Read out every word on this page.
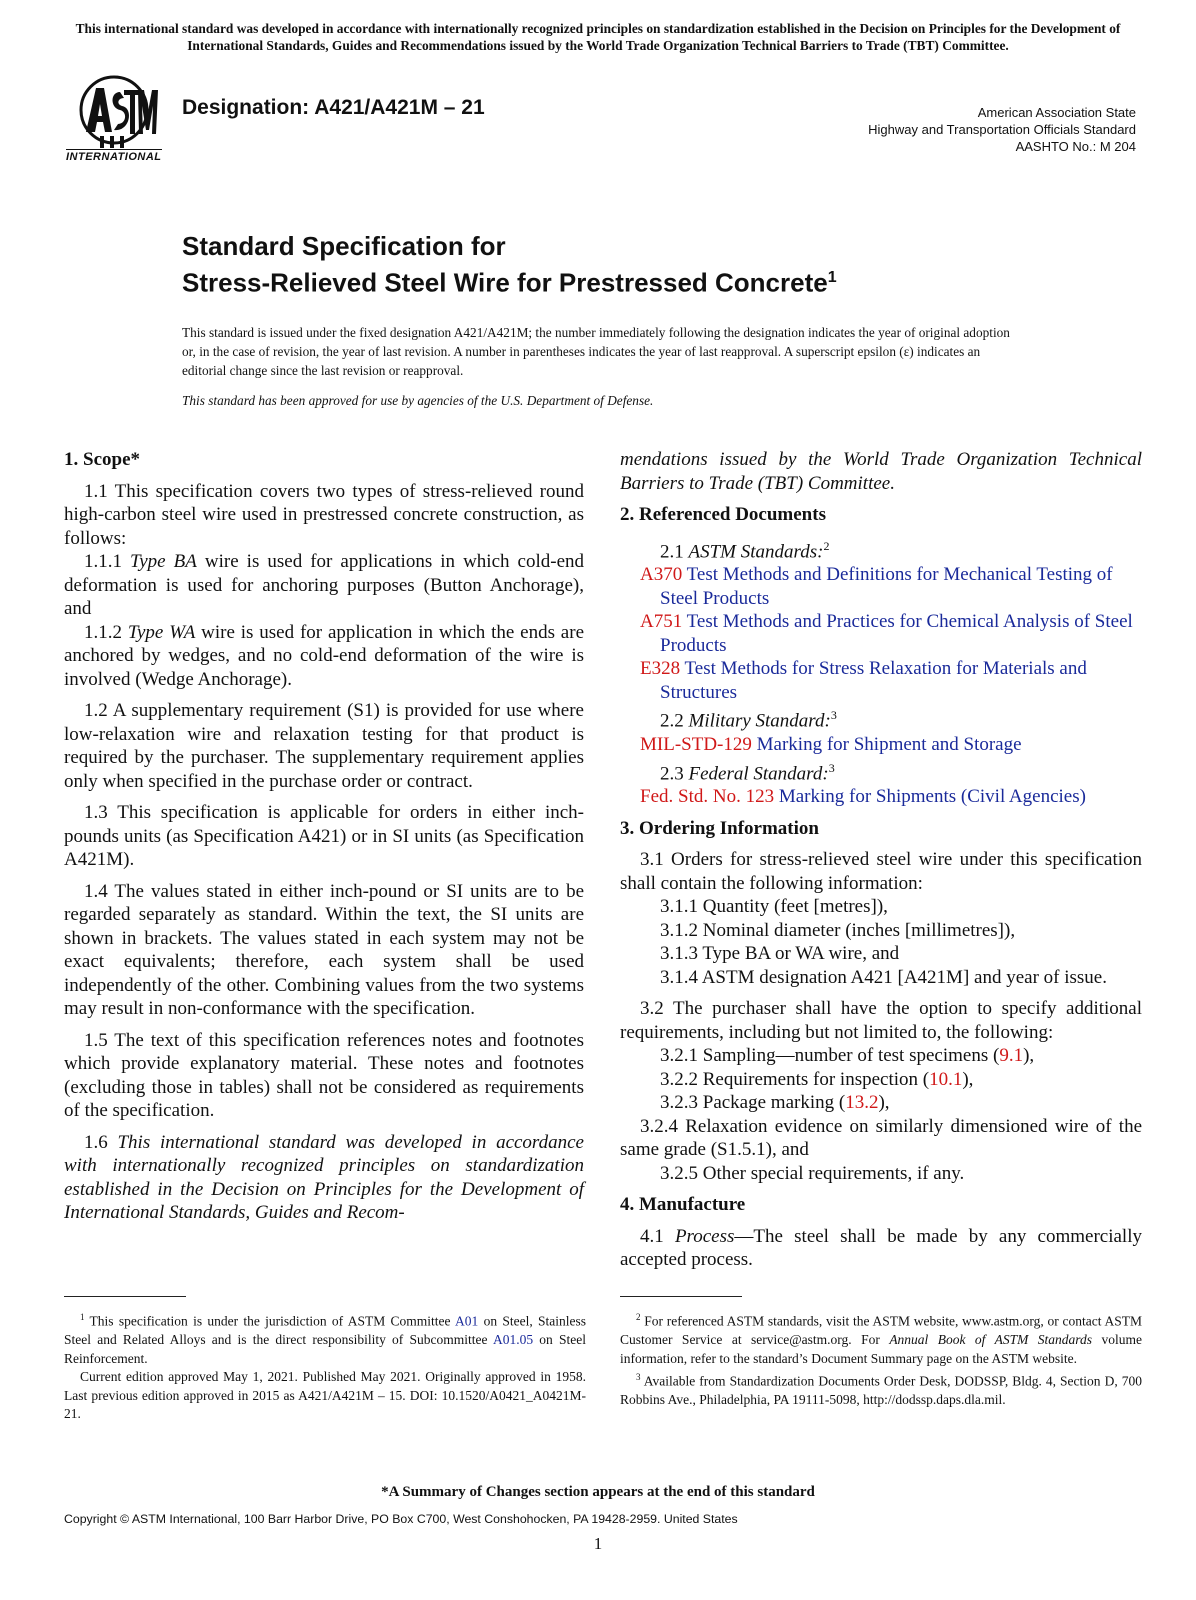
This international standard was developed in accordance with internationally recognized principles on standardization established in the Decision on Principles for the Development of International Standards, Guides and Recommendations issued by the World Trade Organization Technical Barriers to Trade (TBT) Committee.
INTERNATIONAL
Designation: A421/A421M – 21	American Association State
Highway and Transportation Officials Standard
AASHTO No.: M 204
Standard Specification for
Stress-Relieved Steel Wire for Prestressed Concrete$^1$
This standard is issued under the fixed designation A421/A421M; the number immediately following the designation indicates the year of original adoption or, in the case of revision, the year of last revision. A number in parentheses indicates the year of last reapproval. A superscript epsilon (ε) indicates an editorial change since the last revision or reapproval.
This standard has been approved for use by agencies of the U.S. Department of Defense.
1. Scope*

1.1 This specification covers two types of stress-relieved round high-carbon steel wire used in prestressed concrete construction, as follows:

1.1.1 Type BA wire is used for applications in which cold-end deformation is used for anchoring purposes (Button Anchorage), and

1.1.2 Type WA wire is used for application in which the ends are anchored by wedges, and no cold-end deformation of the wire is involved (Wedge Anchorage).

1.2 A supplementary requirement (S1) is provided for use where low-relaxation wire and relaxation testing for that product is required by the purchaser. The supplementary requirement applies only when specified in the purchase order or contract.

1.3 This specification is applicable for orders in either inch-pounds units (as Specification A421) or in SI units (as Specification A421M).

1.4 The values stated in either inch-pound or SI units are to be regarded separately as standard. Within the text, the SI units are shown in brackets. The values stated in each system may not be exact equivalents; therefore, each system shall be used independently of the other. Combining values from the two systems may result in non-conformance with the specification.

1.5 The text of this specification references notes and footnotes which provide explanatory material. These notes and footnotes (excluding those in tables) shall not be considered as requirements of the specification.

1.6 This international standard was developed in accordance with internationally recognized principles on standardization established in the Decision on Principles for the Development of International Standards, Guides and Recom-

mendations issued by the World Trade Organization Technical Barriers to Trade (TBT) Committee.

2. Referenced Documents

2.1 ASTM Standards:$^2$

A370 Test Methods and Definitions for Mechanical Testing of Steel Products

A751 Test Methods and Practices for Chemical Analysis of Steel Products

E328 Test Methods for Stress Relaxation for Materials and Structures

2.2 Military Standard:$^3$

MIL-STD-129 Marking for Shipment and Storage

2.3 Federal Standard:$^3$

Fed. Std. No. 123 Marking for Shipments (Civil Agencies)

3. Ordering Information

3.1 Orders for stress-relieved steel wire under this specification shall contain the following information:

3.1.1 Quantity (feet [metres]),

3.1.2 Nominal diameter (inches [millimetres]),

3.1.3 Type BA or WA wire, and

3.1.4 ASTM designation A421 [A421M] and year of issue.

3.2 The purchaser shall have the option to specify additional requirements, including but not limited to, the following:

3.2.1 Sampling—number of test specimens (9.1),

3.2.2 Requirements for inspection (10.1),

3.2.3 Package marking (13.2),

3.2.4 Relaxation evidence on similarly dimensioned wire of the same grade (S1.5.1), and

3.2.5 Other special requirements, if any.

4. Manufacture

4.1 Process—The steel shall be made by any commercially accepted process.

$^1$ This specification is under the jurisdiction of ASTM Committee A01 on Steel, Stainless Steel and Related Alloys and is the direct responsibility of Subcommittee A01.05 on Steel Reinforcement.

Current edition approved May 1, 2021. Published May 2021. Originally approved in 1958. Last previous edition approved in 2015 as A421/A421M – 15. DOI: 10.1520/A0421_A0421M-21.

$^2$ For referenced ASTM standards, visit the ASTM website, www.astm.org, or contact ASTM Customer Service at service@astm.org. For Annual Book of ASTM Standards volume information, refer to the standard’s Document Summary page on the ASTM website.

$^3$ Available from Standardization Documents Order Desk, DODSSP, Bldg. 4, Section D, 700 Robbins Ave., Philadelphia, PA 19111-5098, http://dodssp.daps.dla.mil.

*A Summary of Changes section appears at the end of this standard
Copyright © ASTM International, 100 Barr Harbor Drive, PO Box C700, West Conshohocken, PA 19428-2959. United States
1
